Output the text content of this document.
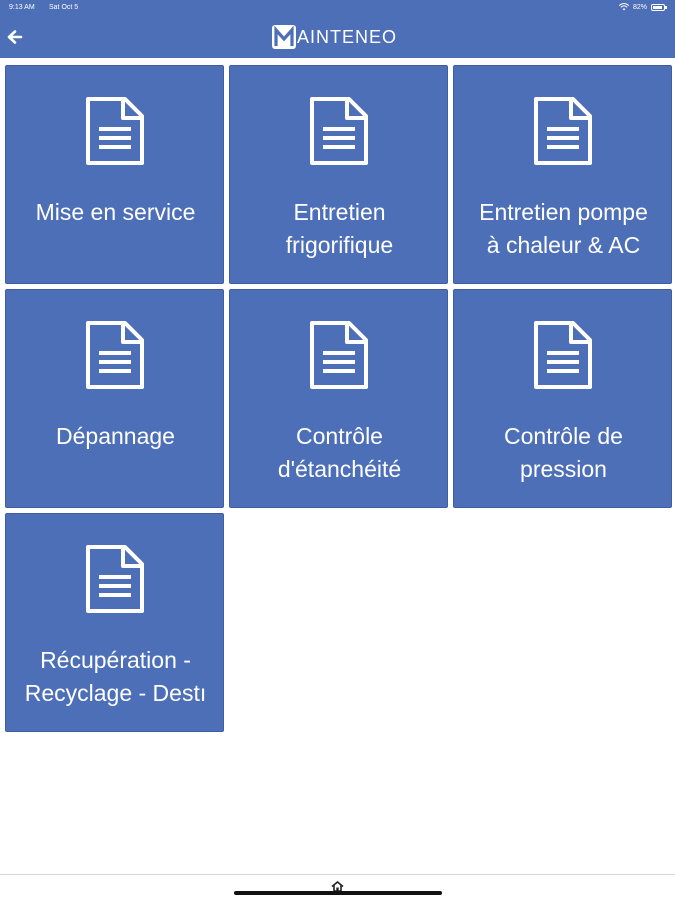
9:13 AM Sat Oct 5	82%
AINTENEO
Mise en service	Entretien
frigorifique
Entretien pompe
à chaleur & AC
Dépannage	Contrôle
d'étanchéité
Contrôle de
pression
Récupération -
Recyclage - Destı
